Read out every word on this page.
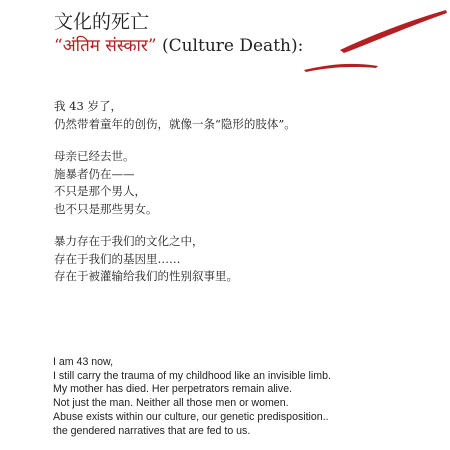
文化的死亡
“अंतिम संस्कार” (Culture Death):
我 43 岁了，
仍然带着童年的创伤，就像一条“隐形的肢体”。
母亲已经去世。
施暴者仍在——
不只是那个男人，
也不只是那些男女。
暴力存在于我们的文化之中，
存在于我们的基因里……
存在于被灌输给我们的性别叙事里。
I am 43 now,
I still carry the trauma of my childhood like an invisible limb.
My mother has died. Her perpetrators remain alive.
Not just the man. Neither all those men or women.
Abuse exists within our culture, our genetic predisposition..
the gendered narratives that are fed to us.
